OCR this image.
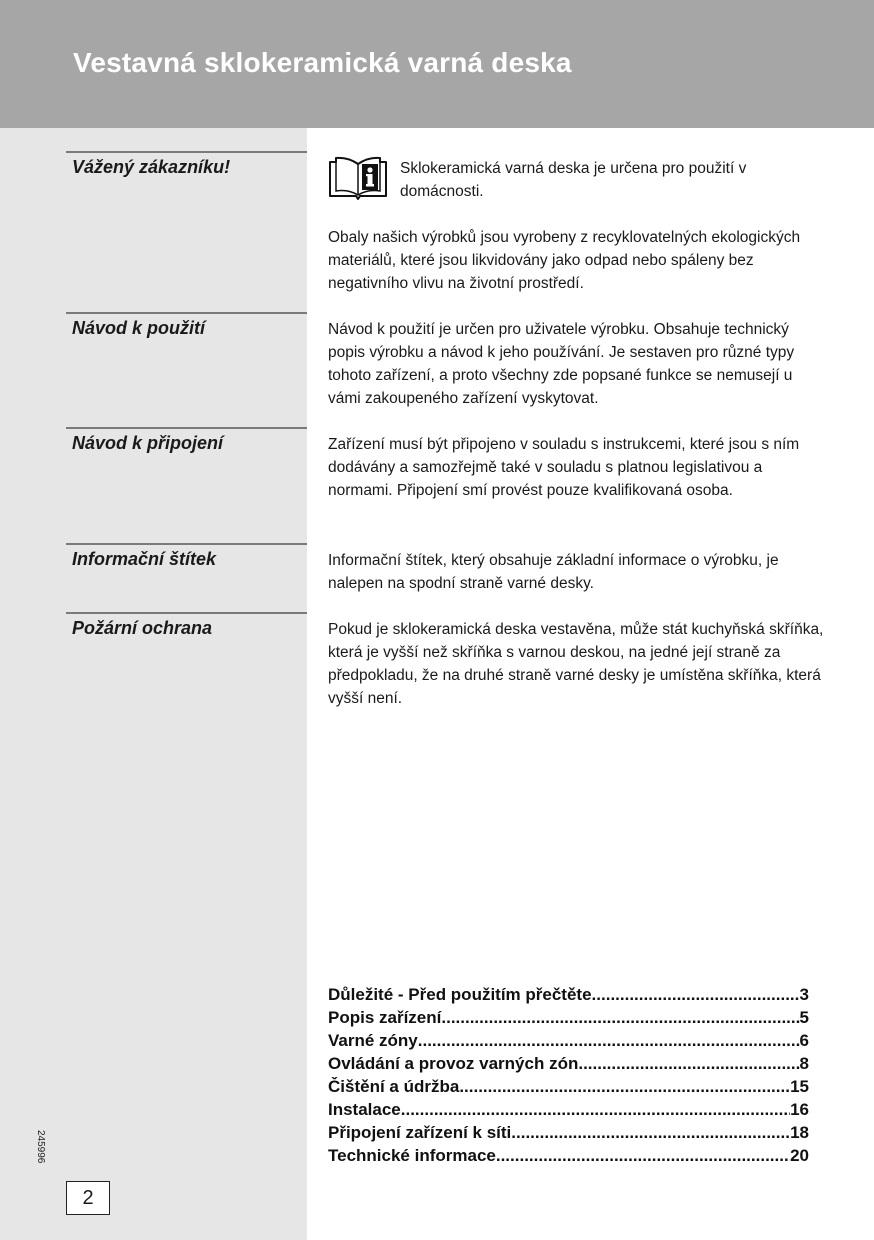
Vestavná sklokeramická varná deska
Vážený zákazníku!
Návod k použití
Návod k připojení
Informační štítek
Požární ochrana

Sklokeramická varná deska je určena pro použití v domácnosti.

Obaly našich výrobků jsou vyrobeny z recyklovatelných ekologických materiálů, které jsou likvidovány jako odpad nebo spáleny bez negativního vlivu na životní prostředí.

Návod k použití je určen pro uživatele výrobku. Obsahuje technický popis výrobku a návod k jeho používání. Je sestaven pro různé typy tohoto zařízení, a proto všechny zde popsané funkce se nemusejí u vámi zakoupeného zařízení vyskytovat.

Zařízení musí být připojeno v souladu s instrukcemi, které jsou s ním dodávány a samozřejmě také v souladu s platnou legislativou a normami. Připojení smí provést pouze kvalifikovaná osoba.

Informační štítek, který obsahuje základní informace o výrobku, je nalepen na spodní straně varné desky.

Pokud je sklokeramická deska vestavěna, může stát kuchyňská skříňka, která je vyšší než skříňka s varnou deskou, na jedné její straně za předpokladu, že na druhé straně varné desky je umístěna skříňka, která vyšší není.

Důležité - Před použitím přečtěte .....	3
Popis zařízení .....	5
Varné zóny .....	6
Ovládání a provoz varných zón .....	8
Čištění a údržba .....	15
Instalace .....	16
Připojení zařízení k síti .....	18
Technické informace .....	20
245996
2
